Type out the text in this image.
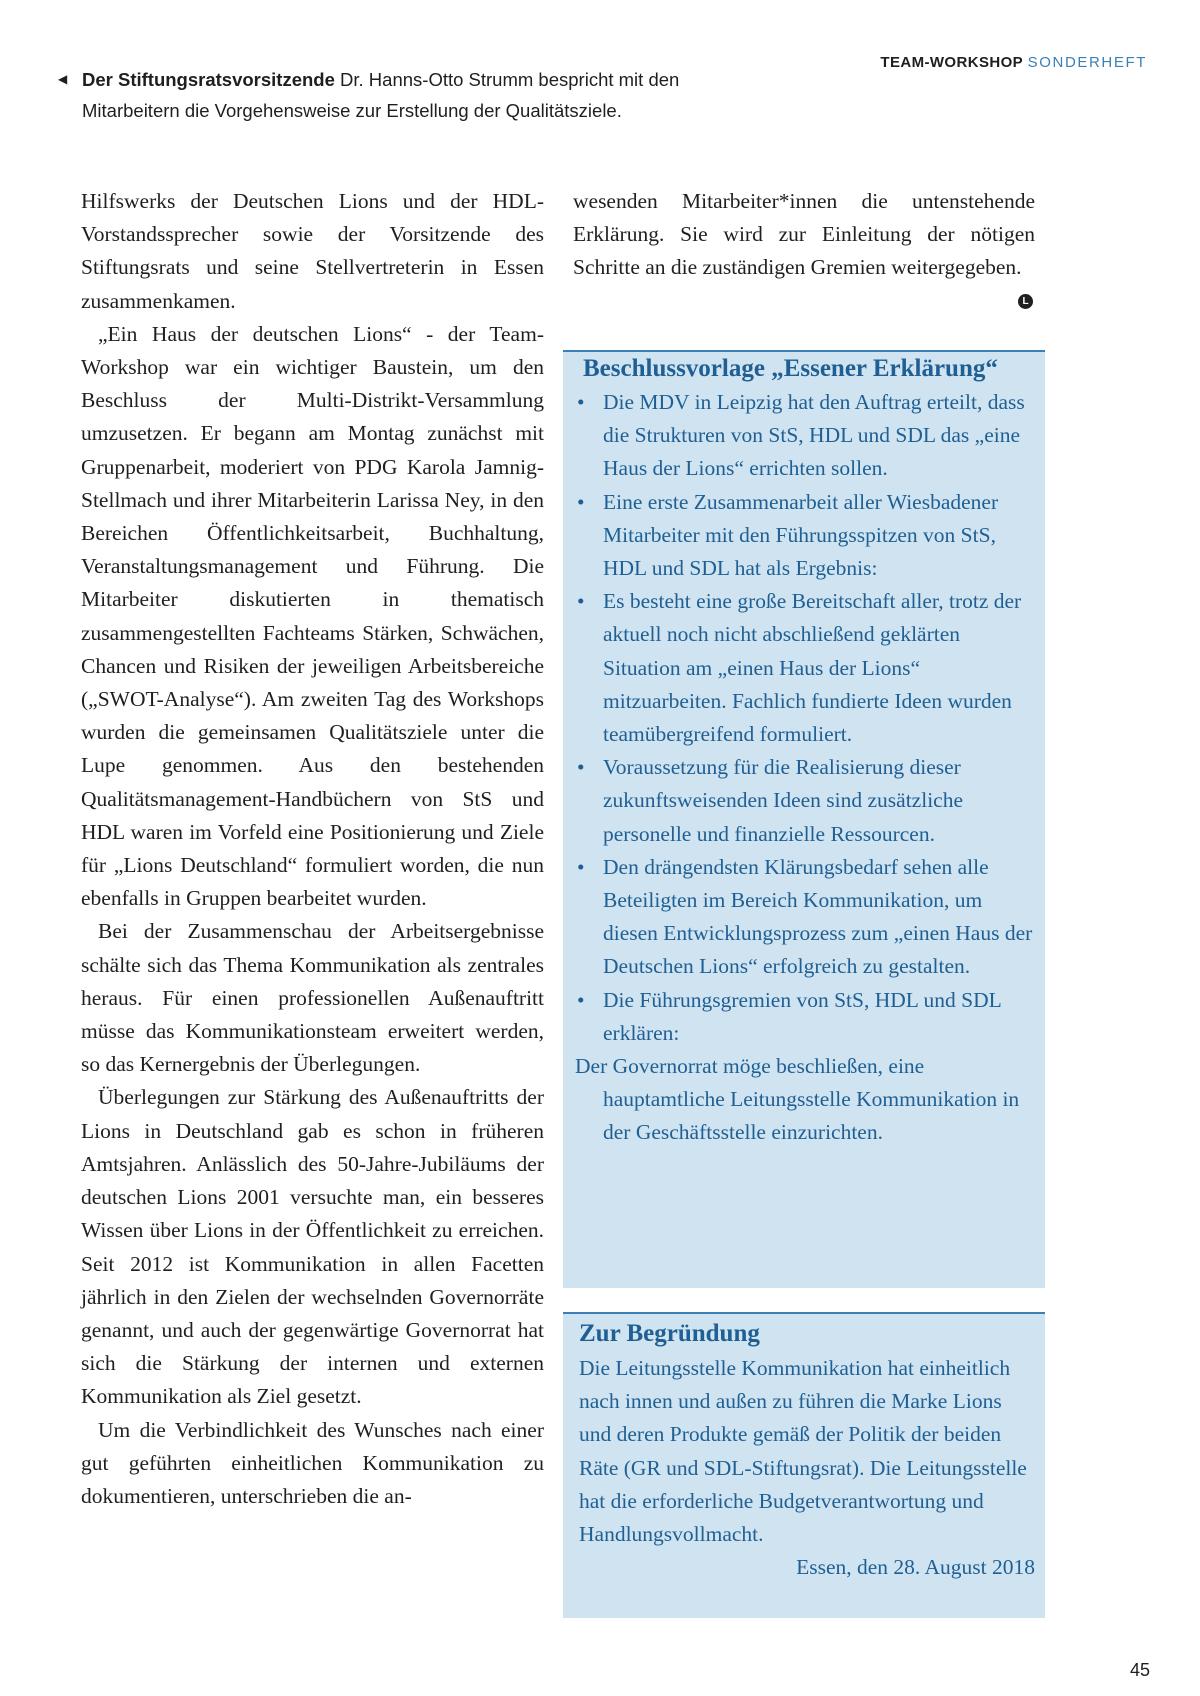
◀ Der Stiftungsratsvorsitzende Dr. Hanns-Otto Strumm bespricht mit den Mitarbeitern die Vorgehensweise zur Erstellung der Qualitätsziele.
TEAM-WORKSHOP SONDERHEFT

Hilfswerks der Deutschen Lions und der HDL-Vorstandssprecher sowie der Vorsitzende des Stiftungsrats und seine Stellvertreterin in Essen zusammenkamen.

„Ein Haus der deutschen Lions“ - der Team-Workshop war ein wichtiger Baustein, um den Beschluss der Multi-Distrikt-Versammlung umzusetzen. Er begann am Montag zunächst mit Gruppenarbeit, moderiert von PDG Karola Jamnig-Stellmach und ihrer Mitarbeiterin Larissa Ney, in den Bereichen Öffentlichkeitsarbeit, Buchhaltung, Veranstaltungsmanagement und Führung. Die Mitarbeiter diskutierten in thematisch zusammengestellten Fachteams Stärken, Schwächen, Chancen und Risiken der jeweiligen Arbeitsbereiche („SWOT-Analyse“). Am zweiten Tag des Workshops wurden die gemeinsamen Qualitätsziele unter die Lupe genommen. Aus den bestehenden Qualitätsmanagement-Handbüchern von StS und HDL waren im Vorfeld eine Positionierung und Ziele für „Lions Deutschland“ formuliert worden, die nun ebenfalls in Gruppen bearbeitet wurden.

Bei der Zusammenschau der Arbeitsergebnisse schälte sich das Thema Kommunikation als zentrales heraus. Für einen professionellen Außenauftritt müsse das Kommunikationsteam erweitert werden, so das Kernergebnis der Überlegungen.

Überlegungen zur Stärkung des Außenauftritts der Lions in Deutschland gab es schon in früheren Amtsjahren. Anlässlich des 50-Jahre-Jubiläums der deutschen Lions 2001 versuchte man, ein besseres Wissen über Lions in der Öffentlichkeit zu erreichen. Seit 2012 ist Kommunikation in allen Facetten jährlich in den Zielen der wechselnden Governorräte genannt, und auch der gegenwärtige Governorrat hat sich die Stärkung der internen und externen Kommunikation als Ziel gesetzt.

Um die Verbindlichkeit des Wunsches nach einer gut geführten einheitlichen Kommunikation zu dokumentieren, unterschrieben die an-

wesenden Mitarbeiter*innen die untenstehende Erklärung. Sie wird zur Einleitung der nötigen Schritte an die zuständigen Gremien weitergegeben.
L
Beschlussvorlage „Essener Erklärung“
• Die MDV in Leipzig hat den Auftrag erteilt, dass die Strukturen von StS, HDL und SDL das „eine Haus der Lions“ errichten sollen.
• Eine erste Zusammenarbeit aller Wiesbadener Mitarbeiter mit den Führungsspitzen von StS, HDL und SDL hat als Ergebnis:
• Es besteht eine große Bereitschaft aller, trotz der aktuell noch nicht abschließend geklärten Situation am „einen Haus der Lions“ mitzuarbeiten. Fachlich fundierte Ideen wurden teamübergreifend formuliert.
• Voraussetzung für die Realisierung dieser zukunftsweisenden Ideen sind zusätzliche personelle und finanzielle Ressourcen.
• Den drängendsten Klärungsbedarf sehen alle Beteiligten im Bereich Kommunikation, um diesen Entwicklungsprozess zum „einen Haus der Deutschen Lions“ erfolgreich zu gestalten.
• Die Führungsgremien von StS, HDL und SDL erklären:
Der Governorrat möge beschließen, eine hauptamtliche Leitungsstelle Kommunikation in der Geschäftsstelle einzurichten.
Zur Begründung
Die Leitungsstelle Kommunikation hat einheitlich nach innen und außen zu führen die Marke Lions und deren Produkte gemäß der Politik der beiden Räte (GR und SDL-Stiftungsrat). Die Leitungsstelle hat die erforderliche Budgetverantwortung und Handlungsvollmacht.
Essen, den 28. August 2018
45
